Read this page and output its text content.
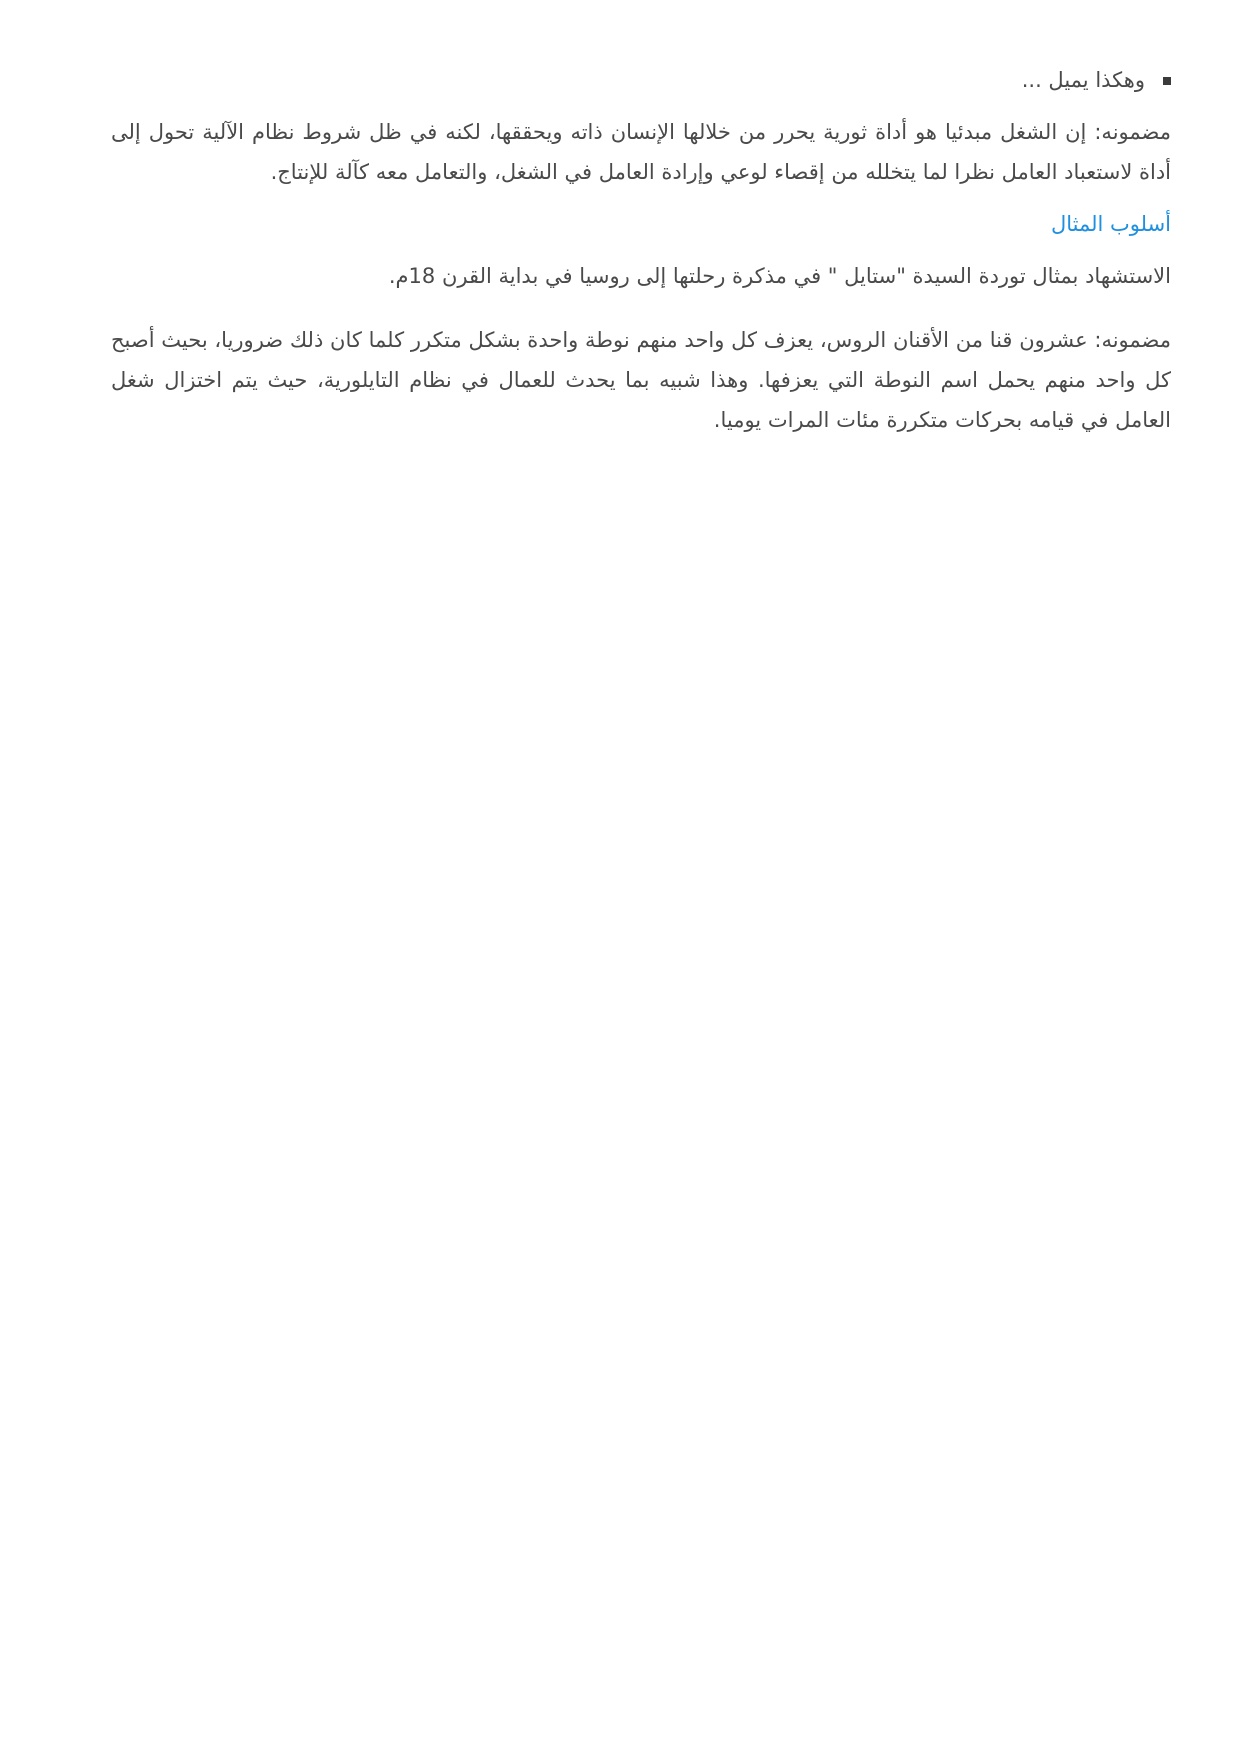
وهكذا يميل ...

مضمونه: إن الشغل مبدئيا هو أداة ثورية يحرر من خلالها الإنسان ذاته ويحققها، لكنه في ظل شروط نظام الآلية تحول إلى أداة لاستعباد العامل نظرا لما يتخلله من إقصاء لوعي وإرادة العامل في الشغل، والتعامل معه كآلة للإنتاج.

أسلوب المثال

الاستشهاد بمثال توردة السيدة "ستايل " في مذكرة رحلتها إلى روسيا في بداية القرن 18م.

مضمونه: عشرون قنا من الأقنان الروس، يعزف كل واحد منهم نوطة واحدة بشكل متكرر كلما كان ذلك ضروريا، بحيث أصبح كل واحد منهم يحمل اسم النوطة التي يعزفها. وهذا شبيه بما يحدث للعمال في نظام التايلورية، حيث يتم اختزال شغل العامل في قيامه بحركات متكررة مئات المرات يوميا.
